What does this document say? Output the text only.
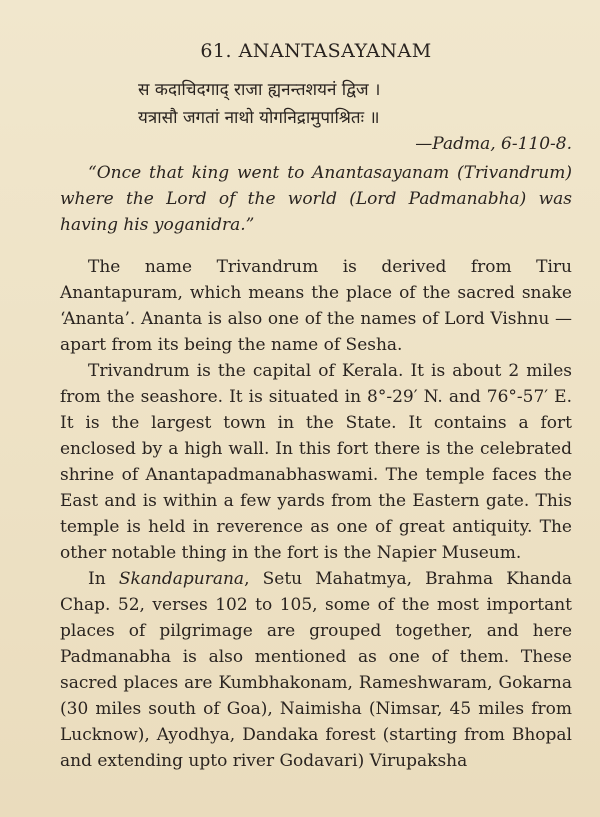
61. ANANTASAYANAM
स कदाचिदगाद् राजा ह्यनन्तशयनं द्विज ।
यत्रासौ जगतां नाथो योगनिद्रामुपाश्रितः ॥
—Padma, 6-110-8.

“Once that king went to Anantasayanam (Trivandrum) where the Lord of the world (Lord Padmanabha) was having his yoganidra.”

The name Trivandrum is derived from Tiru Anantapuram, which means the place of the sacred snake ‘Ananta’. Ananta is also one of the names of Lord Vishnu —apart from its being the name of Sesha.

Trivandrum is the capital of Kerala. It is about 2 miles from the seashore. It is situated in 8°-29′ N. and 76°-57′ E. It is the largest town in the State. It contains a fort enclosed by a high wall. In this fort there is the celebrated shrine of Anantapadmanabhaswami. The temple faces the East and is within a few yards from the Eastern gate. This temple is held in reverence as one of great antiquity. The other notable thing in the fort is the Napier Museum.

In Skandapurana, Setu Mahatmya, Brahma Khanda Chap. 52, verses 102 to 105, some of the most important places of pilgrimage are grouped together, and here Padmanabha is also mentioned as one of them. These sacred places are Kumbhakonam, Rameshwaram, Gokarna (30 miles south of Goa), Naimisha (Nimsar, 45 miles from Lucknow), Ayodhya, Dandaka forest (starting from Bhopal and extending upto river Godavari) Virupaksha
